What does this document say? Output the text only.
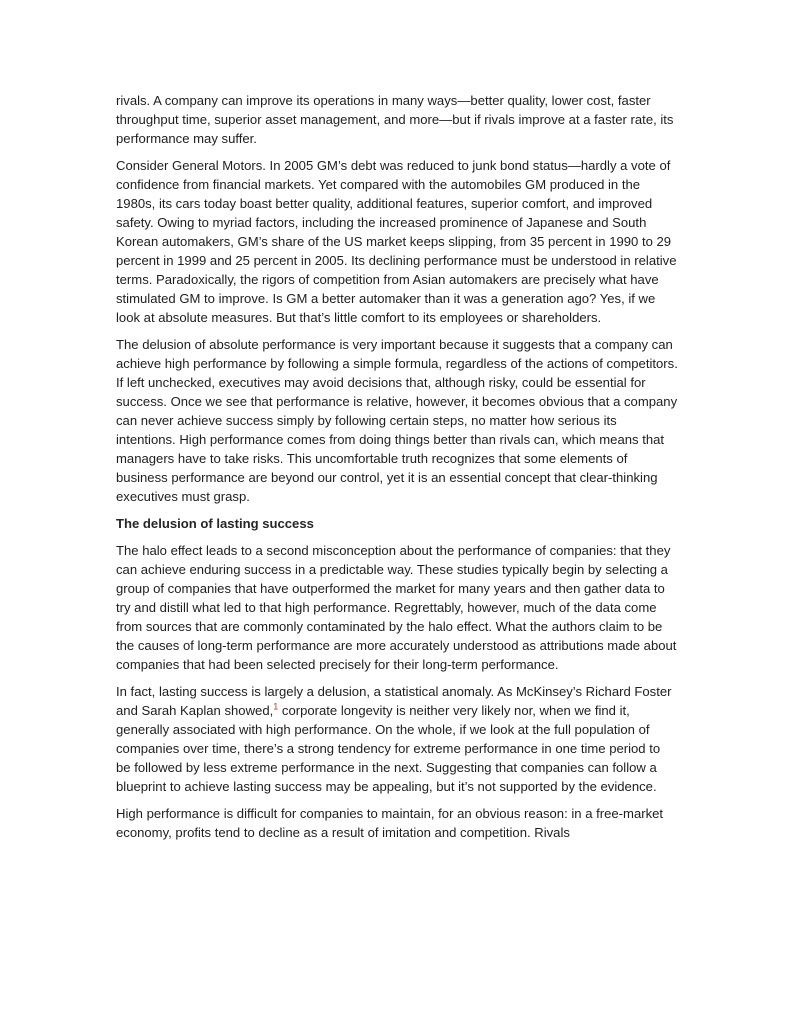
rivals. A company can improve its operations in many ways—better quality, lower cost, faster throughput time, superior asset management, and more—but if rivals improve at a faster rate, its performance may suffer.

Consider General Motors. In 2005 GM’s debt was reduced to junk bond status—hardly a vote of confidence from financial markets. Yet compared with the automobiles GM produced in the 1980s, its cars today boast better quality, additional features, superior comfort, and improved safety. Owing to myriad factors, including the increased prominence of Japanese and South Korean automakers, GM’s share of the US market keeps slipping, from 35 percent in 1990 to 29 percent in 1999 and 25 percent in 2005. Its declining performance must be understood in relative terms. Paradoxically, the rigors of competition from Asian automakers are precisely what have stimulated GM to improve. Is GM a better automaker than it was a generation ago? Yes, if we look at absolute measures. But that’s little comfort to its employees or shareholders.

The delusion of absolute performance is very important because it suggests that a company can achieve high performance by following a simple formula, regardless of the actions of competitors. If left unchecked, executives may avoid decisions that, although risky, could be essential for success. Once we see that performance is relative, however, it becomes obvious that a company can never achieve success simply by following certain steps, no matter how serious its intentions. High performance comes from doing things better than rivals can, which means that managers have to take risks. This uncomfortable truth recognizes that some elements of business performance are beyond our control, yet it is an essential concept that clear-thinking executives must grasp.

The delusion of lasting success

The halo effect leads to a second misconception about the performance of companies: that they can achieve enduring success in a predictable way. These studies typically begin by selecting a group of companies that have outperformed the market for many years and then gather data to try and distill what led to that high performance. Regrettably, however, much of the data come from sources that are commonly contaminated by the halo effect. What the authors claim to be the causes of long-term performance are more accurately understood as attributions made about companies that had been selected precisely for their long-term performance.

In fact, lasting success is largely a delusion, a statistical anomaly. As McKinsey’s Richard Foster and Sarah Kaplan showed,$^1$ corporate longevity is neither very likely nor, when we find it, generally associated with high performance. On the whole, if we look at the full population of companies over time, there’s a strong tendency for extreme performance in one time period to be followed by less extreme performance in the next. Suggesting that companies can follow a blueprint to achieve lasting success may be appealing, but it’s not supported by the evidence.

High performance is difficult for companies to maintain, for an obvious reason: in a free-market economy, profits tend to decline as a result of imitation and competition. Rivals
